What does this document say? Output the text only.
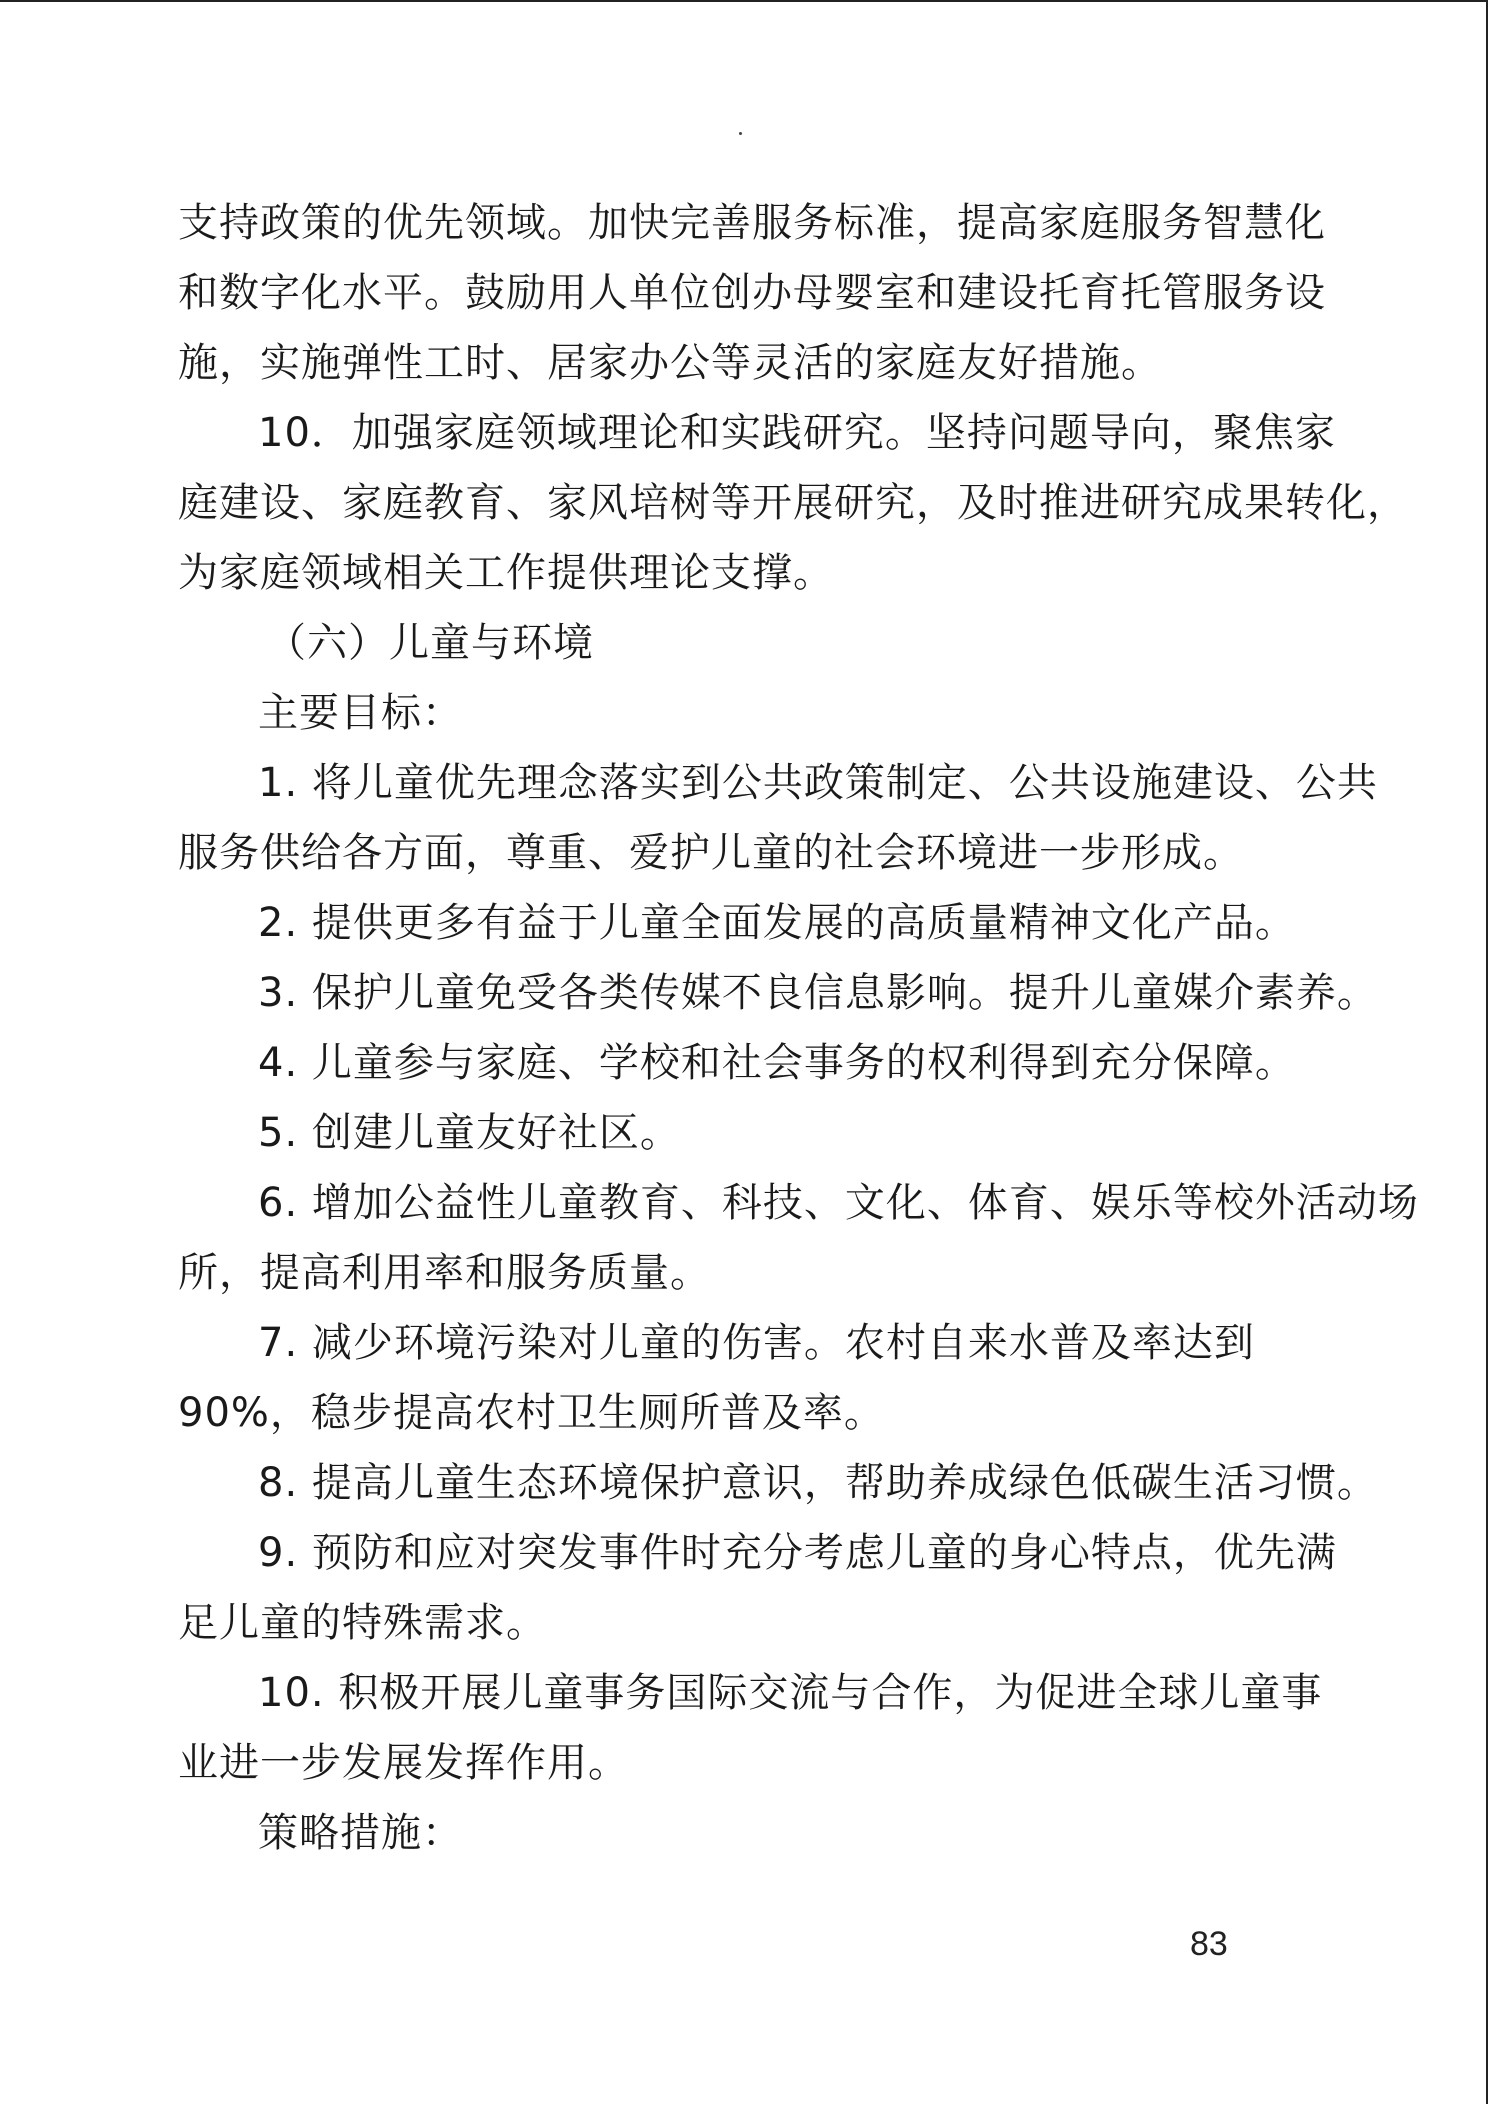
支持政策的优先领域。加快完善服务标准，提高家庭服务智慧化
和数字化水平。鼓励用人单位创办母婴室和建设托育托管服务设
施，实施弹性工时、居家办公等灵活的家庭友好措施。
10．加强家庭领域理论和实践研究。坚持问题导向，聚焦家
庭建设、家庭教育、家风培树等开展研究，及时推进研究成果转化，
为家庭领域相关工作提供理论支撑。
（六）儿童与环境
主要目标：
1. 将儿童优先理念落实到公共政策制定、公共设施建设、公共
服务供给各方面，尊重、爱护儿童的社会环境进一步形成。
2. 提供更多有益于儿童全面发展的高质量精神文化产品。
3. 保护儿童免受各类传媒不良信息影响。提升儿童媒介素养。
4. 儿童参与家庭、学校和社会事务的权利得到充分保障。
5. 创建儿童友好社区。
6. 增加公益性儿童教育、科技、文化、体育、娱乐等校外活动场
所，提高利用率和服务质量。
7. 减少环境污染对儿童的伤害。农村自来水普及率达到
90%，稳步提高农村卫生厕所普及率。
8. 提高儿童生态环境保护意识，帮助养成绿色低碳生活习惯。
9. 预防和应对突发事件时充分考虑儿童的身心特点，优先满
足儿童的特殊需求。
10. 积极开展儿童事务国际交流与合作，为促进全球儿童事
业进一步发展发挥作用。
策略措施：
83
